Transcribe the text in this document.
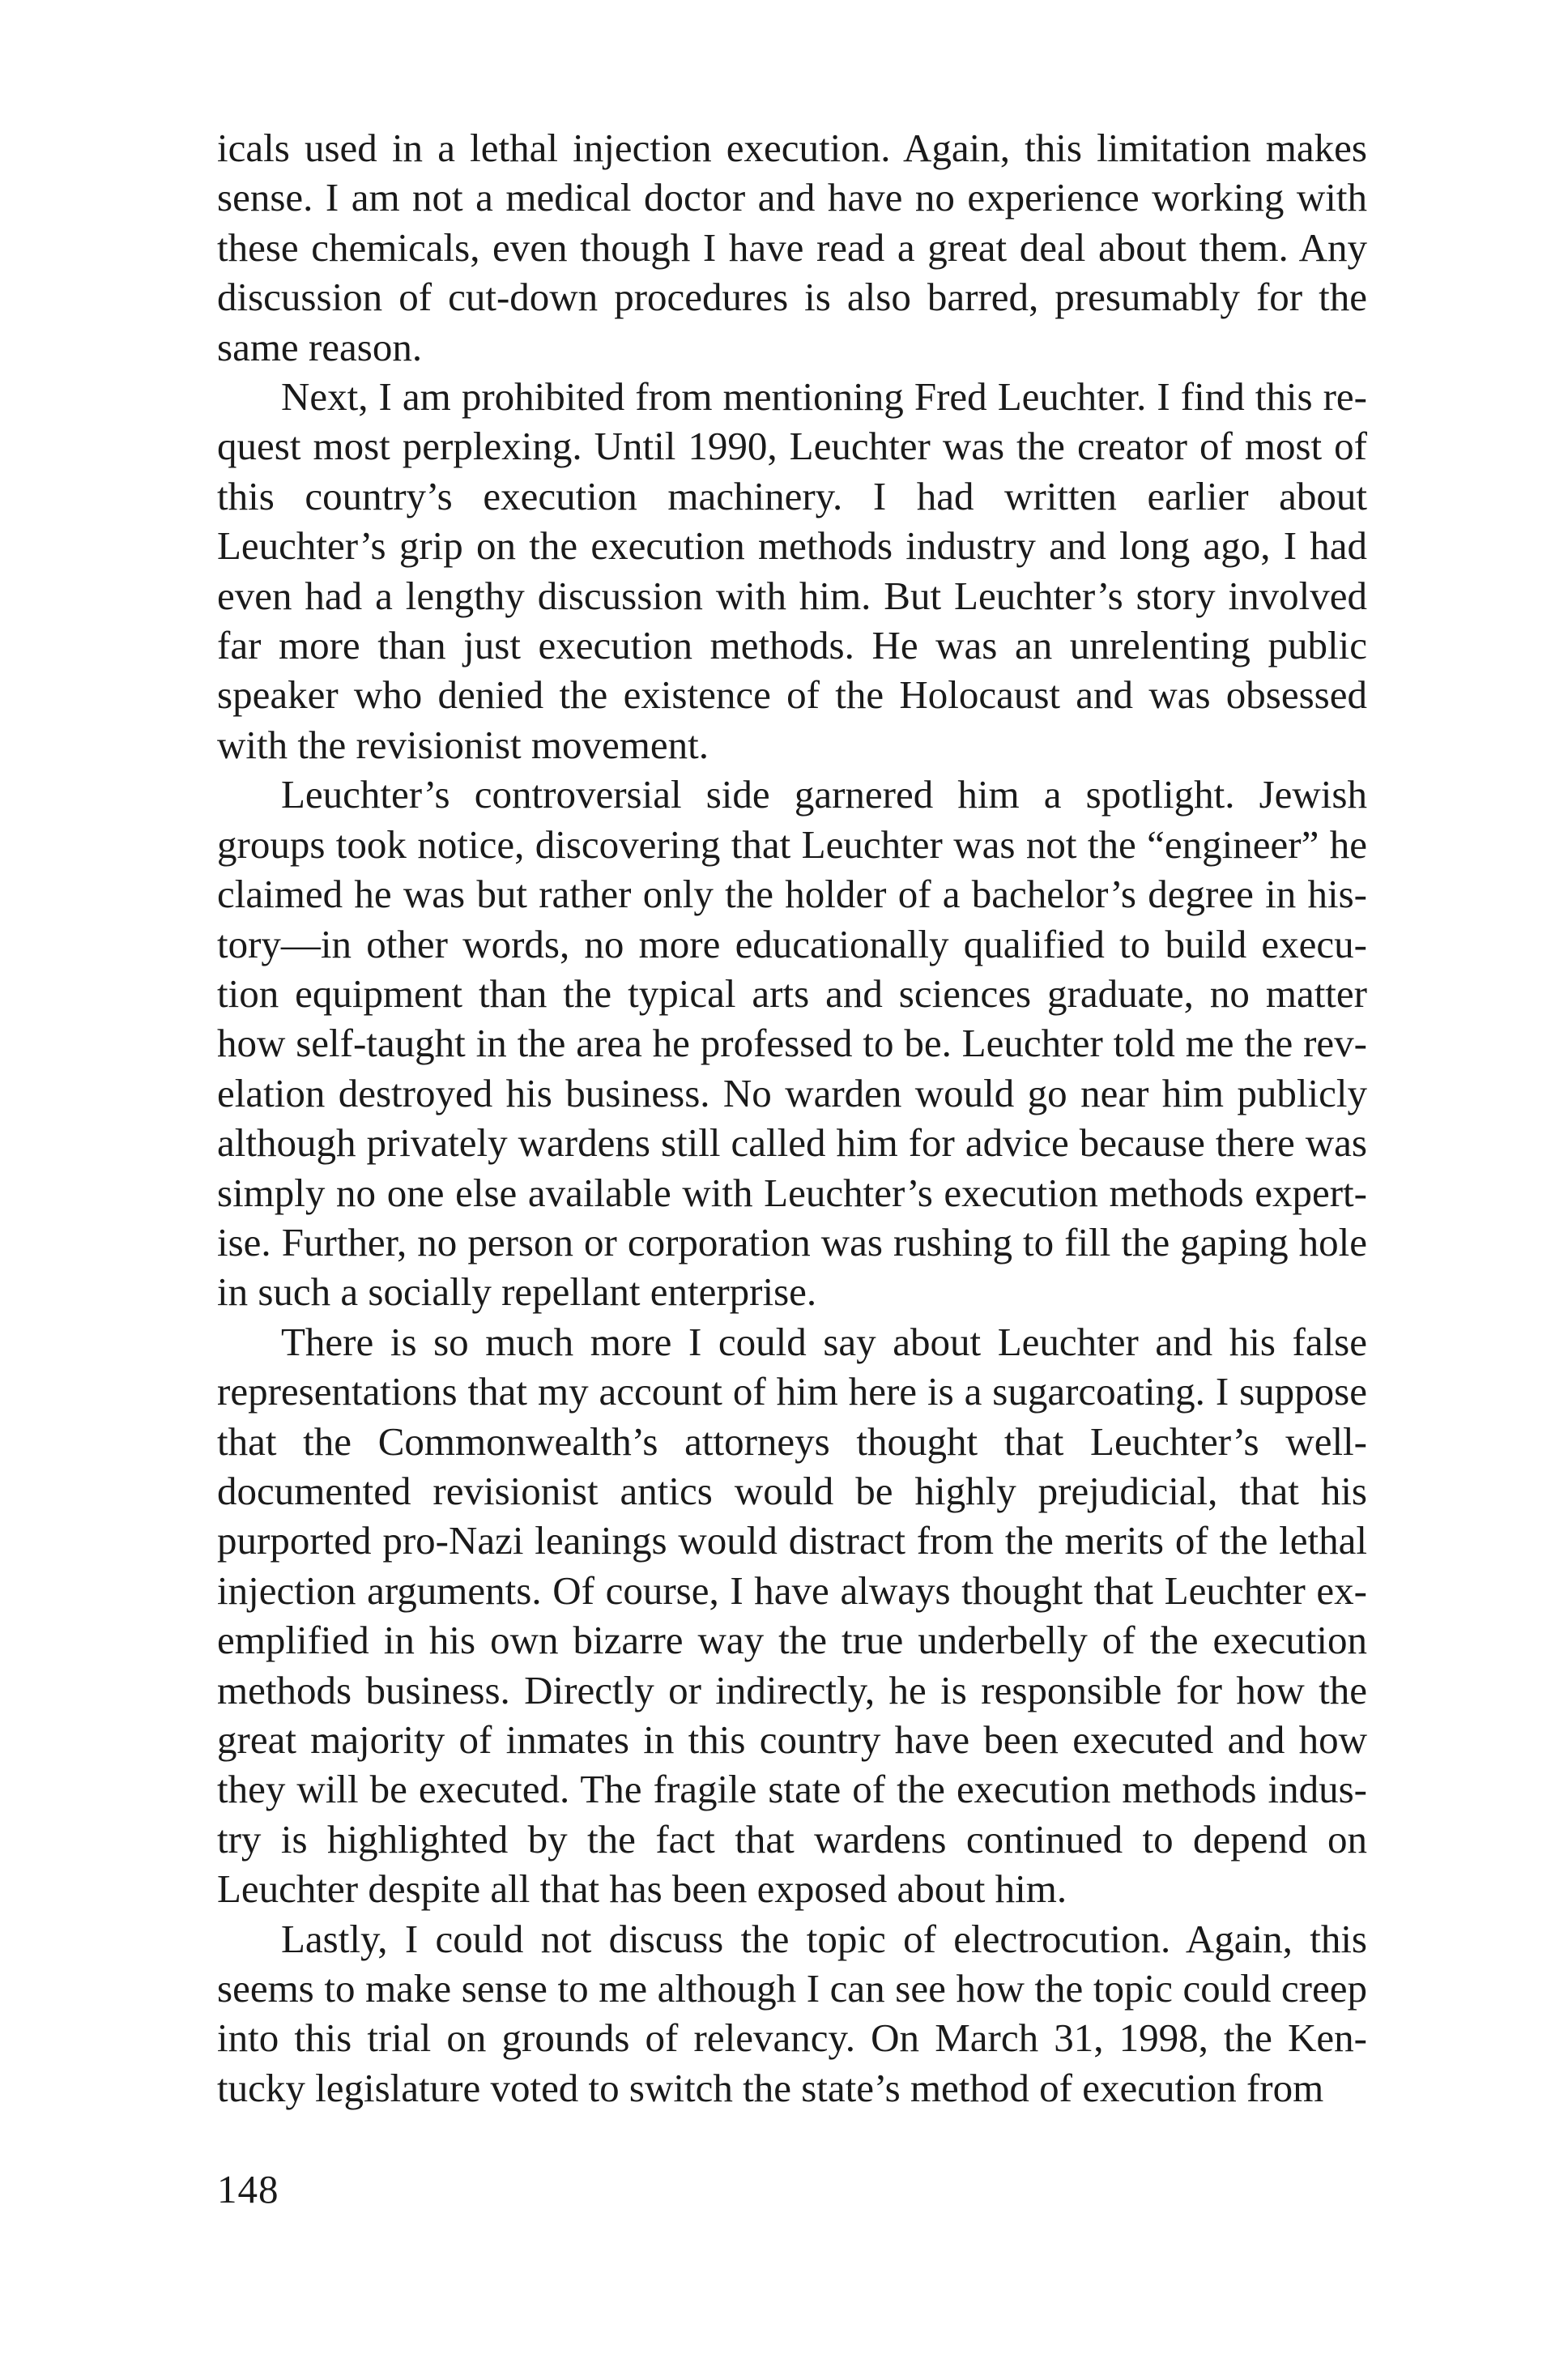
icals used in a lethal injection execution. Again, this limitation makes sense. I am not a medical doctor and have no experience working with these chemicals, even though I have read a great deal about them. Any discussion of cut-down procedures is also barred, presumably for the same reason.

Next, I am prohibited from mentioning Fred Leuchter. I find this request most perplexing. Until 1990, Leuchter was the creator of most of this country’s execution machinery. I had written earlier about Leuchter’s grip on the execution methods industry and long ago, I had even had a lengthy discussion with him. But Leuchter’s story involved far more than just execution methods. He was an unrelenting public speaker who denied the existence of the Holocaust and was obsessed with the revisionist movement.

Leuchter’s controversial side garnered him a spotlight. Jewish groups took notice, discovering that Leuchter was not the “engineer” he claimed he was but rather only the holder of a bachelor’s degree in history—in other words, no more educationally qualified to build execution equipment than the typical arts and sciences graduate, no matter how self-taught in the area he professed to be. Leuchter told me the revelation destroyed his business. No warden would go near him publicly although privately wardens still called him for advice because there was simply no one else available with Leuchter’s execution methods expertise. Further, no person or corporation was rushing to fill the gaping hole in such a socially repellant enterprise.

There is so much more I could say about Leuchter and his false representations that my account of him here is a sugarcoating. I suppose that the Commonwealth’s attorneys thought that Leuchter’s well-documented revisionist antics would be highly prejudicial, that his purported pro-Nazi leanings would distract from the merits of the lethal injection arguments. Of course, I have always thought that Leuchter exemplified in his own bizarre way the true underbelly of the execution methods business. Directly or indirectly, he is responsible for how the great majority of inmates in this country have been executed and how they will be executed. The fragile state of the execution methods industry is highlighted by the fact that wardens continued to depend on Leuchter despite all that has been exposed about him.

Lastly, I could not discuss the topic of electrocution. Again, this seems to make sense to me although I can see how the topic could creep into this trial on grounds of relevancy. On March 31, 1998, the Kentucky legislature voted to switch the state’s method of execution from

148
